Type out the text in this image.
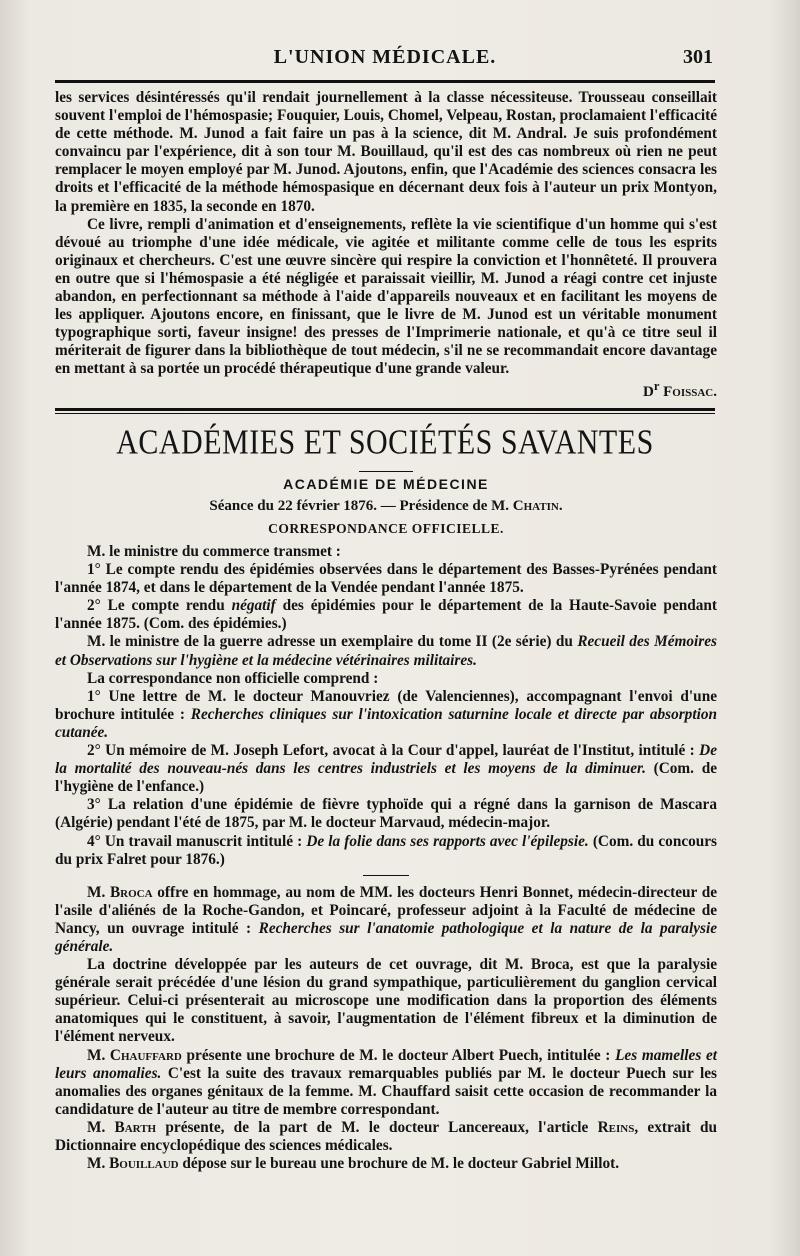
L'UNION MÉDICALE.	301

les services désintéressés qu'il rendait journellement à la classe nécessiteuse. Trousseau conseillait souvent l'emploi de l'hémospasie; Fouquier, Louis, Chomel, Velpeau, Rostan, proclamaient l'efficacité de cette méthode. M. Junod a fait faire un pas à la science, dit M. Andral. Je suis profondément convaincu par l'expérience, dit à son tour M. Bouillaud, qu'il est des cas nombreux où rien ne peut remplacer le moyen employé par M. Junod. Ajoutons, enfin, que l'Académie des sciences consacra les droits et l'efficacité de la méthode hémospasique en décernant deux fois à l'auteur un prix Montyon, la première en 1835, la seconde en 1870.

Ce livre, rempli d'animation et d'enseignements, reflète la vie scientifique d'un homme qui s'est dévoué au triomphe d'une idée médicale, vie agitée et militante comme celle de tous les esprits originaux et chercheurs. C'est une œuvre sincère qui respire la conviction et l'honnêteté. Il prouvera en outre que si l'hémospasie a été négligée et paraissait vieillir, M. Junod a réagi contre cet injuste abandon, en perfectionnant sa méthode à l'aide d'appareils nouveaux et en facilitant les moyens de les appliquer. Ajoutons encore, en finissant, que le livre de M. Junod est un véritable monument typographique sorti, faveur insigne! des presses de l'Imprimerie nationale, et qu'à ce titre seul il mériterait de figurer dans la bibliothèque de tout médecin, s'il ne se recommandait encore davantage en mettant à sa portée un procédé thérapeutique d'une grande valeur.

$D^r$ Foissac.

ACADÉMIES ET SOCIÉTÉS SAVANTES

ACADÉMIE DE MÉDECINE

Séance du 22 février 1876. — Présidence de M. Chatin.

CORRESPONDANCE OFFICIELLE.

M. le ministre du commerce transmet :

1° Le compte rendu des épidémies observées dans le département des Basses-Pyrénées pendant l'année 1874, et dans le département de la Vendée pendant l'année 1875.

2° Le compte rendu négatif des épidémies pour le département de la Haute-Savoie pendant l'année 1875. (Com. des épidémies.)

M. le ministre de la guerre adresse un exemplaire du tome II (2e série) du Recueil des Mémoires et Observations sur l'hygiène et la médecine vétérinaires militaires.

La correspondance non officielle comprend :

1° Une lettre de M. le docteur Manouvriez (de Valenciennes), accompagnant l'envoi d'une brochure intitulée : Recherches cliniques sur l'intoxication saturnine locale et directe par absorption cutanée.

2° Un mémoire de M. Joseph Lefort, avocat à la Cour d'appel, lauréat de l'Institut, intitulé : De la mortalité des nouveau-nés dans les centres industriels et les moyens de la diminuer. (Com. de l'hygiène de l'enfance.)

3° La relation d'une épidémie de fièvre typhoïde qui a régné dans la garnison de Mascara (Algérie) pendant l'été de 1875, par M. le docteur Marvaud, médecin-major.

4° Un travail manuscrit intitulé : De la folie dans ses rapports avec l'épilepsie. (Com. du concours du prix Falret pour 1876.)

M. Broca offre en hommage, au nom de MM. les docteurs Henri Bonnet, médecin-directeur de l'asile d'aliénés de la Roche-Gandon, et Poincaré, professeur adjoint à la Faculté de médecine de Nancy, un ouvrage intitulé : Recherches sur l'anatomie pathologique et la nature de la paralysie générale.

La doctrine développée par les auteurs de cet ouvrage, dit M. Broca, est que la paralysie générale serait précédée d'une lésion du grand sympathique, particulièrement du ganglion cervical supérieur. Celui-ci présenterait au microscope une modification dans la proportion des éléments anatomiques qui le constituent, à savoir, l'augmentation de l'élément fibreux et la diminution de l'élément nerveux.

M. Chauffard présente une brochure de M. le docteur Albert Puech, intitulée : Les mamelles et leurs anomalies. C'est la suite des travaux remarquables publiés par M. le docteur Puech sur les anomalies des organes génitaux de la femme. M. Chauffard saisit cette occasion de recommander la candidature de l'auteur au titre de membre correspondant.

M. Barth présente, de la part de M. le docteur Lancereaux, l'article Reins, extrait du Dictionnaire encyclopédique des sciences médicales.

M. Bouillaud dépose sur le bureau une brochure de M. le docteur Gabriel Millot.
